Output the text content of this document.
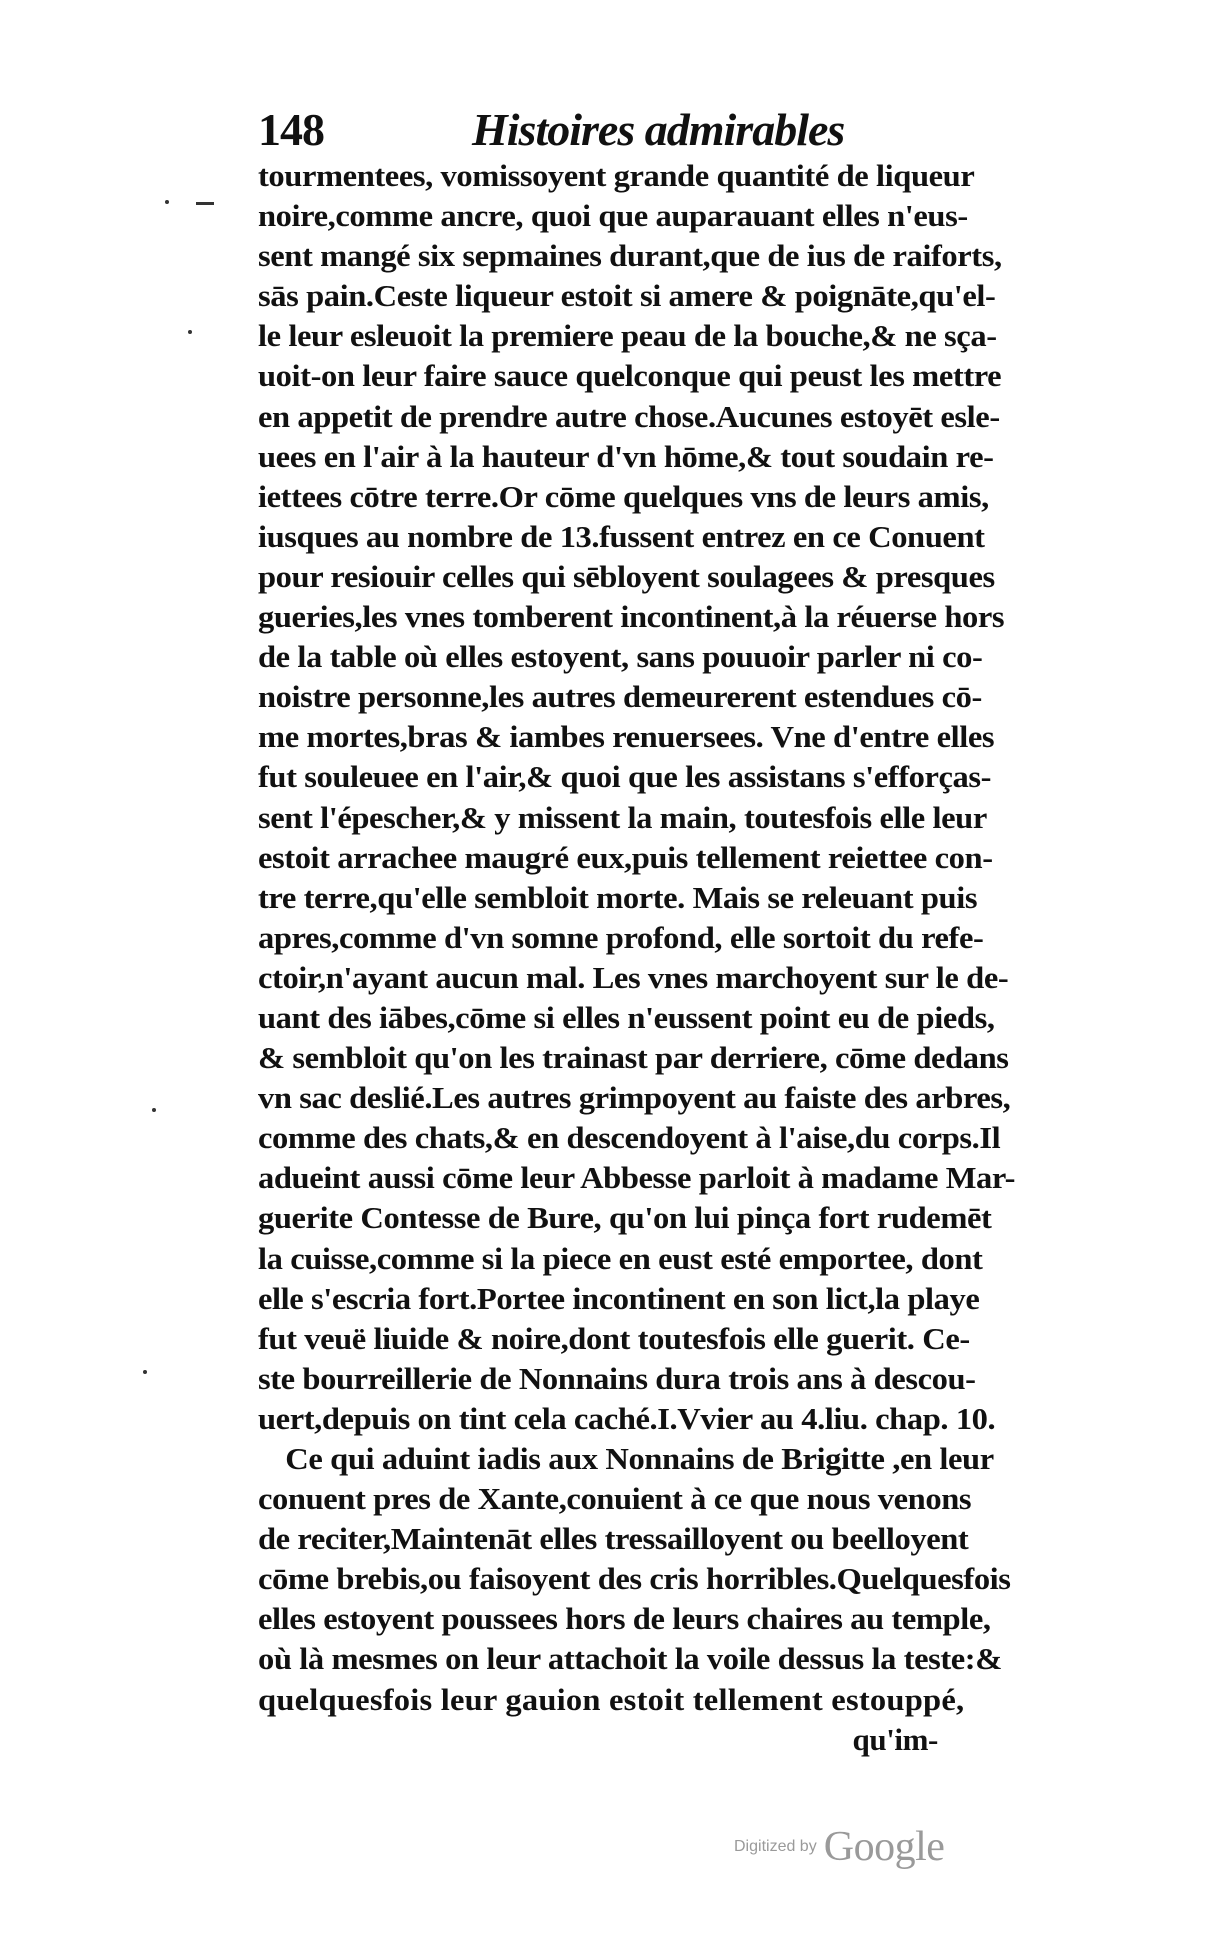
148	Histoires admirables
tourmentees, vomissoyent grande quantité de liqueur
noire,comme ancre, quoi que auparauant elles n'eus-
sent mangé six sepmaines durant,que de ius de raiforts,
sās pain.Ceste liqueur estoit si amere & poignāte,qu'el-
le leur esleuoit la premiere peau de la bouche,& ne sça-
uoit-on leur faire sauce quelconque qui peust les mettre
en appetit de prendre autre chose.Aucunes estoyēt esle-
uees en l'air à la hauteur d'vn hōme,& tout soudain re-
iettees cōtre terre.Or cōme quelques vns de leurs amis,
iusques au nombre de 13.fussent entrez en ce Conuent
pour resiouir celles qui sēbloyent soulagees & presques
gueries,les vnes tomberent incontinent,à la réuerse hors
de la table où elles estoyent, sans pouuoir parler ni co-
noistre personne,les autres demeurerent estendues cō-
me mortes,bras & iambes renuersees. Vne d'entre elles
fut souleuee en l'air,& quoi que les assistans s'efforças-
sent l'épescher,& y missent la main, toutesfois elle leur
estoit arrachee maugré eux,puis tellement reiettee con-
tre terre,qu'elle sembloit morte. Mais se releuant puis
apres,comme d'vn somne profond, elle sortoit du refe-
ctoir,n'ayant aucun mal. Les vnes marchoyent sur le de-
uant des iābes,cōme si elles n'eussent point eu de pieds,
& sembloit qu'on les trainast par derriere, cōme dedans
vn sac deslié.Les autres grimpoyent au faiste des arbres,
comme des chats,& en descendoyent à l'aise,du corps.Il
adueint aussi cōme leur Abbesse parloit à madame Mar-
guerite Contesse de Bure, qu'on lui pinça fort rudemēt
la cuisse,comme si la piece en eust esté emportee, dont
elle s'escria fort.Portee incontinent en son lict,la playe
fut veuë liuide & noire,dont toutesfois elle guerit. Ce-
ste bourreillerie de Nonnains dura trois ans à descou-
uert,depuis on tint cela caché.I.Vvier au 4.liu. chap. 10.
Ce qui aduint iadis aux Nonnains de Brigitte ,en leur
conuent pres de Xante,conuient à ce que nous venons
de reciter,Maintenāt elles tressailloyent ou beelloyent
cōme brebis,ou faisoyent des cris horribles.Quelquesfois
elles estoyent poussees hors de leurs chaires au temple,
où là mesmes on leur attachoit la voile dessus la teste:&
quelquesfois leur gauion estoit tellement estouppé,
qu'im-
Digitized by Google
